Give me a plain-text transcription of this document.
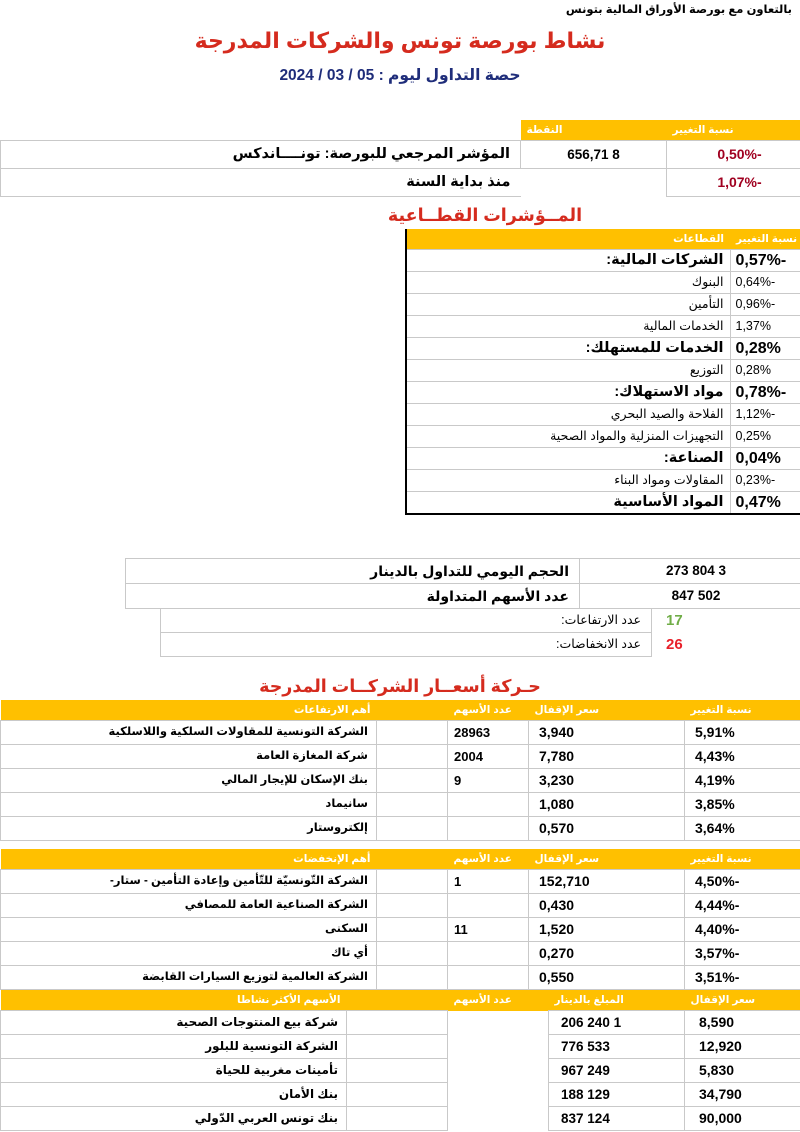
بالتعاون مع بورصة الأوراق المالية بتونس
نشاط بورصة تونس والشركات المدرجة
حصة التداول ليوم : 05 / 03 / 2024
نسبة التغيير	النقطة	
-0,50%	8 656,71	المؤشر المرجعي للبورصة: تونــــاندكس
-1,07%		منذ بداية السنة
المــؤشرات القطــاعية
نسبة التغيير	القطاعات
-0,57%	الشركات المالية:
-0,64%	البنوك
-0,96%	التأمين
1,37%	الخدمات المالية
0,28%	الخدمات للمستهلك:
0,28%	التوزيع
-0,78%	مواد الاستهلاك:
-1,12%	الفلاحة والصيد البحري
0,25%	التجهيزات المنزلية والمواد الصحية
0,04%	الصناعة:
-0,23%	المقاولات ومواد البناء
0,47%	المواد الأساسية
3 804 273	الحجم اليومي للتداول بالدينار
502 847	عدد الأسهم المتداولة
17	عدد الارتفاعات:
26	عدد الانخفاضات:
حـركة أسعــار الشركــات المدرجة
نسبة التغيير	سعر الإقفال	عدد الأسهم		أهم الارتفاعات
5,91%	3,940	28963		الشركة التونسية للمقاولات السلكية واللاسلكية
4,43%	7,780	2004		شركة المغازة العامة
4,19%	3,230	9		بنك الإسكان للإيجار المالي
3,85%	1,080			سانيماد
3,64%	0,570			إلكتروستار
نسبة التغيير	سعر الإقفال	عدد الأسهم		أهم الإنخفضات
-4,50%	152,710	1		الشركة التّونسيّة للتّأمين وإعادة التأمين - ستار-
-4,44%	0,430			الشركة الصناعية العامة للمصافي
-4,40%	1,520	11		السكنى
-3,57%	0,270			أي تاك
-3,51%	0,550			الشركة العالمية لتوزيع السيارات القابضة
سعر الإقفال	المبلغ بالدينار	عدد الأسهم		الأسهم الأكثر نشاطا
8,590	1 240 206			شركة بيع المنتوجات الصحية
12,920	533 776			الشركة التونسية للبلور
5,830	249 967			تأمينات مغربية للحياة
34,790	129 188			بنك الأمان
90,000	124 837			بنك تونس العربي الدّولي
